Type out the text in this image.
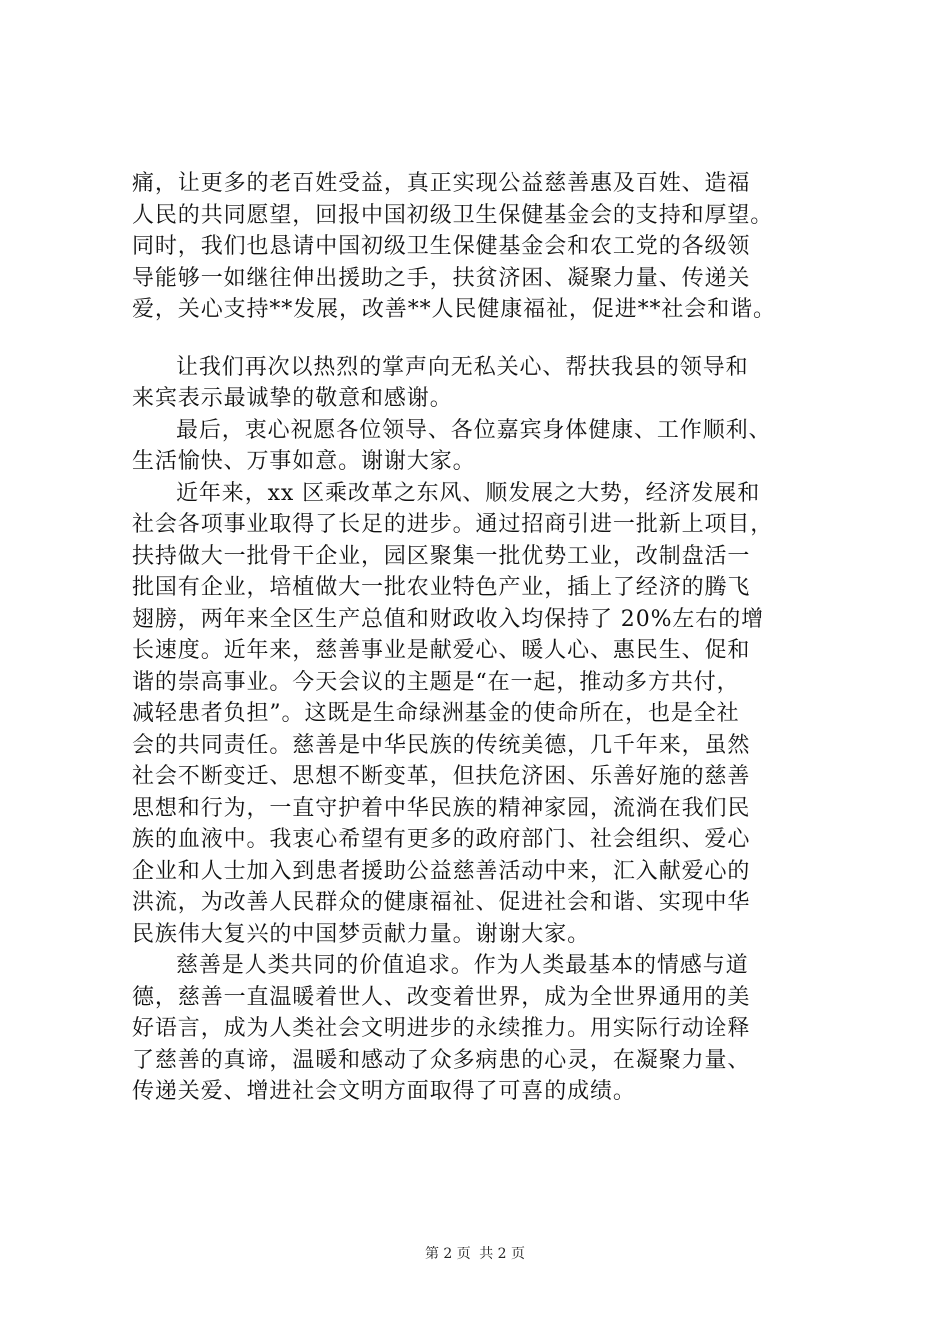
痛，让更多的老百姓受益，真正实现公益慈善惠及百姓、造福
人民的共同愿望，回报中国初级卫生保健基金会的支持和厚望。
同时，我们也恳请中国初级卫生保健基金会和农工党的各级领
导能够一如继往伸出援助之手，扶贫济困、凝聚力量、传递关
爱，关心支持**发展，改善**人民健康福祉，促进**社会和谐。
让我们再次以热烈的掌声向无私关心、帮扶我县的领导和
来宾表示最诚挚的敬意和感谢。
最后，衷心祝愿各位领导、各位嘉宾身体健康、工作顺利、
生活愉快、万事如意。谢谢大家。
近年来，xx 区乘改革之东风、顺发展之大势，经济发展和
社会各项事业取得了长足的进步。通过招商引进一批新上项目，
扶持做大一批骨干企业，园区聚集一批优势工业，改制盘活一
批国有企业，培植做大一批农业特色产业，插上了经济的腾飞
翅膀，两年来全区生产总值和财政收入均保持了 20%左右的增
长速度。近年来，慈善事业是献爱心、暖人心、惠民生、促和
谐的崇高事业。今天会议的主题是“在一起，推动多方共付，
减轻患者负担”。这既是生命绿洲基金的使命所在，也是全社
会的共同责任。慈善是中华民族的传统美德，几千年来，虽然
社会不断变迁、思想不断变革，但扶危济困、乐善好施的慈善
思想和行为，一直守护着中华民族的精神家园，流淌在我们民
族的血液中。我衷心希望有更多的政府部门、社会组织、爱心
企业和人士加入到患者援助公益慈善活动中来，汇入献爱心的
洪流，为改善人民群众的健康福祉、促进社会和谐、实现中华
民族伟大复兴的中国梦贡献力量。谢谢大家。
慈善是人类共同的价值追求。作为人类最基本的情感与道
德，慈善一直温暖着世人、改变着世界，成为全世界通用的美
好语言，成为人类社会文明进步的永续推力。用实际行动诠释
了慈善的真谛，温暖和感动了众多病患的心灵，在凝聚力量、
传递关爱、增进社会文明方面取得了可喜的成绩。
第 2 页 共 2 页
